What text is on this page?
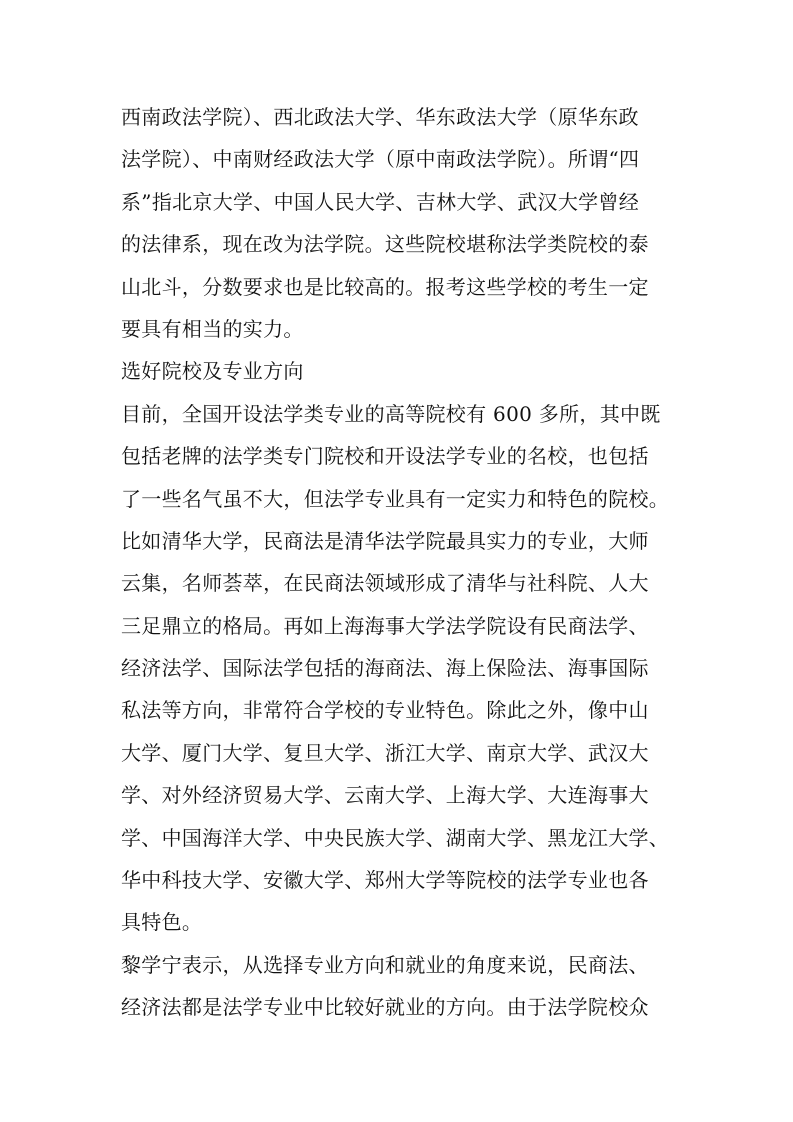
西南政法学院）、西北政法大学、华东政法大学（原华东政
法学院）、中南财经政法大学（原中南政法学院）。所谓“四
系”指北京大学、中国人民大学、吉林大学、武汉大学曾经
的法律系，现在改为法学院。这些院校堪称法学类院校的泰
山北斗，分数要求也是比较高的。报考这些学校的考生一定
要具有相当的实力。
选好院校及专业方向
目前，全国开设法学类专业的高等院校有 600 多所，其中既
包括老牌的法学类专门院校和开设法学专业的名校，也包括
了一些名气虽不大，但法学专业具有一定实力和特色的院校。
比如清华大学，民商法是清华法学院最具实力的专业，大师
云集，名师荟萃，在民商法领域形成了清华与社科院、人大
三足鼎立的格局。再如上海海事大学法学院设有民商法学、
经济法学、国际法学包括的海商法、海上保险法、海事国际
私法等方向，非常符合学校的专业特色。除此之外，像中山
大学、厦门大学、复旦大学、浙江大学、南京大学、武汉大
学、对外经济贸易大学、云南大学、上海大学、大连海事大
学、中国海洋大学、中央民族大学、湖南大学、黑龙江大学、
华中科技大学、安徽大学、郑州大学等院校的法学专业也各
具特色。
黎学宁表示，从选择专业方向和就业的角度来说，民商法、
经济法都是法学专业中比较好就业的方向。由于法学院校众
